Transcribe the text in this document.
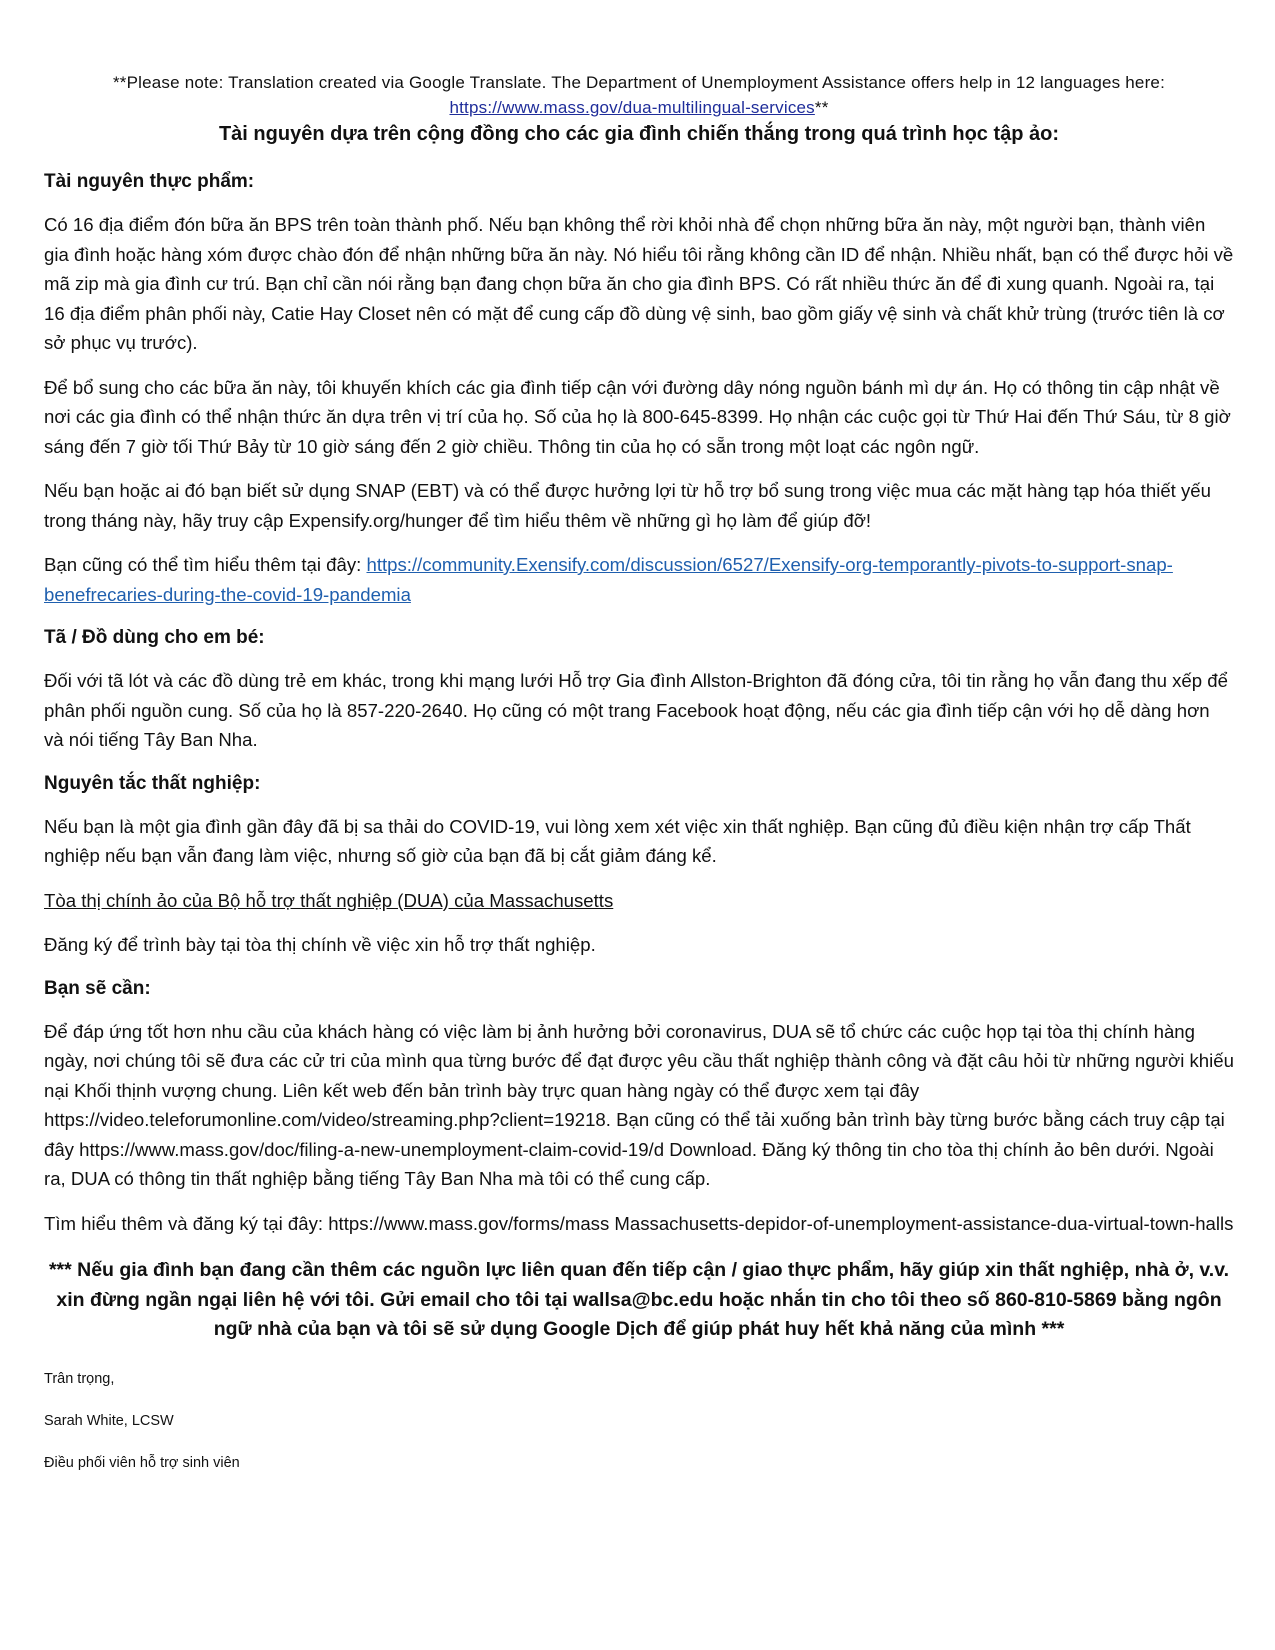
**Please note: Translation created via Google Translate. The Department of Unemployment Assistance offers help in 12 languages here:
https://www.mass.gov/dua-multilingual-services**
Tài nguyên dựa trên cộng đồng cho các gia đình chiến thắng trong quá trình học tập ảo:
Tài nguyên thực phẩm:

Có 16 địa điểm đón bữa ăn BPS trên toàn thành phố. Nếu bạn không thể rời khỏi nhà để chọn những bữa ăn này, một người bạn, thành viên gia đình hoặc hàng xóm được chào đón để nhận những bữa ăn này. Nó hiểu tôi rằng không cần ID để nhận. Nhiều nhất, bạn có thể được hỏi về mã zip mà gia đình cư trú. Bạn chỉ cần nói rằng bạn đang chọn bữa ăn cho gia đình BPS. Có rất nhiều thức ăn để đi xung quanh. Ngoài ra, tại 16 địa điểm phân phối này, Catie Hay Closet nên có mặt để cung cấp đồ dùng vệ sinh, bao gồm giấy vệ sinh và chất khử trùng (trước tiên là cơ sở phục vụ trước).

Để bổ sung cho các bữa ăn này, tôi khuyến khích các gia đình tiếp cận với đường dây nóng nguồn bánh mì dự án. Họ có thông tin cập nhật về nơi các gia đình có thể nhận thức ăn dựa trên vị trí của họ. Số của họ là 800-645-8399. Họ nhận các cuộc gọi từ Thứ Hai đến Thứ Sáu, từ 8 giờ sáng đến 7 giờ tối Thứ Bảy từ 10 giờ sáng đến 2 giờ chiều. Thông tin của họ có sẵn trong một loạt các ngôn ngữ.

Nếu bạn hoặc ai đó bạn biết sử dụng SNAP (EBT) và có thể được hưởng lợi từ hỗ trợ bổ sung trong việc mua các mặt hàng tạp hóa thiết yếu trong tháng này, hãy truy cập Expensify.org/hunger để tìm hiểu thêm về những gì họ làm để giúp đỡ!

Bạn cũng có thể tìm hiểu thêm tại đây: https://community.Exensify.com/discussion/6527/Exensify-org-temporantly-pivots-to-support-snap-benefrecaries-during-the-covid-19-pandemia

Tã / Đồ dùng cho em bé:

Đối với tã lót và các đồ dùng trẻ em khác, trong khi mạng lưới Hỗ trợ Gia đình Allston-Brighton đã đóng cửa, tôi tin rằng họ vẫn đang thu xếp để phân phối nguồn cung. Số của họ là 857-220-2640. Họ cũng có một trang Facebook hoạt động, nếu các gia đình tiếp cận với họ dễ dàng hơn và nói tiếng Tây Ban Nha.

Nguyên tắc thất nghiệp:

Nếu bạn là một gia đình gần đây đã bị sa thải do COVID-19, vui lòng xem xét việc xin thất nghiệp. Bạn cũng đủ điều kiện nhận trợ cấp Thất nghiệp nếu bạn vẫn đang làm việc, nhưng số giờ của bạn đã bị cắt giảm đáng kể.

Tòa thị chính ảo của Bộ hỗ trợ thất nghiệp (DUA) của Massachusetts

Đăng ký để trình bày tại tòa thị chính về việc xin hỗ trợ thất nghiệp.

Bạn sẽ cần:

Để đáp ứng tốt hơn nhu cầu của khách hàng có việc làm bị ảnh hưởng bởi coronavirus, DUA sẽ tổ chức các cuộc họp tại tòa thị chính hàng ngày, nơi chúng tôi sẽ đưa các cử tri của mình qua từng bước để đạt được yêu cầu thất nghiệp thành công và đặt câu hỏi từ những người khiếu nại Khối thịnh vượng chung. Liên kết web đến bản trình bày trực quan hàng ngày có thể được xem tại đây https://video.teleforumonline.com/video/streaming.php?client=19218. Bạn cũng có thể tải xuống bản trình bày từng bước bằng cách truy cập tại đây https://www.mass.gov/doc/filing-a-new-unemployment-claim-covid-19/d Download. Đăng ký thông tin cho tòa thị chính ảo bên dưới. Ngoài ra, DUA có thông tin thất nghiệp bằng tiếng Tây Ban Nha mà tôi có thể cung cấp.

Tìm hiểu thêm và đăng ký tại đây: https://www.mass.gov/forms/mass Massachusetts-depidor-of-unemployment-assistance-dua-virtual-town-halls

*** Nếu gia đình bạn đang cần thêm các nguồn lực liên quan đến tiếp cận / giao thực phẩm, hãy giúp xin thất nghiệp, nhà ở, v.v. xin đừng ngần ngại liên hệ với tôi. Gửi email cho tôi tại wallsa@bc.edu hoặc nhắn tin cho tôi theo số 860-810-5869 bằng ngôn ngữ nhà của bạn và tôi sẽ sử dụng Google Dịch để giúp phát huy hết khả năng của mình ***
Trân trọng,
Sarah White, LCSW
Điều phối viên hỗ trợ sinh viên
